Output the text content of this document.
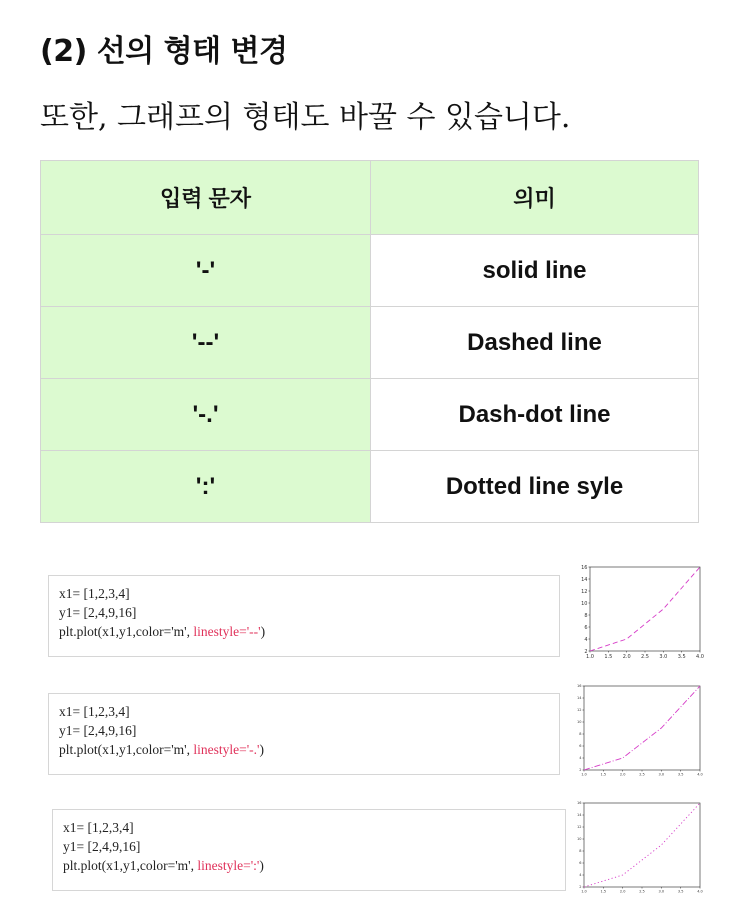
(2) 선의 형태 변경

또한, 그래프의 형태도 바꿀 수 있습니다.

입력 문자	의미
'-'	solid line
'--'	Dashed line
'-.'	Dash-dot line
':'	Dotted line syle
x1= [1,2,3,4]
y1= [2,4,9,16]
plt.plot(x1,y1,color='m', linestyle='--')
1.0 1.5 2.0 2.5 3.0 3.5 4.0
2
4
6
8
10
12
14
16
x1= [1,2,3,4]
y1= [2,4,9,16]
plt.plot(x1,y1,color='m', linestyle='-.')
1.0	1.5	2.0	2.5	3.0	3.5	4.0
2
4
6
8
10
12
14
16
x1= [1,2,3,4]
y1= [2,4,9,16]
plt.plot(x1,y1,color='m', linestyle=':')
1.0	1.5	2.0	2.5	3.0	3.5	4.0
2
4
6
8
10
12
14
16
